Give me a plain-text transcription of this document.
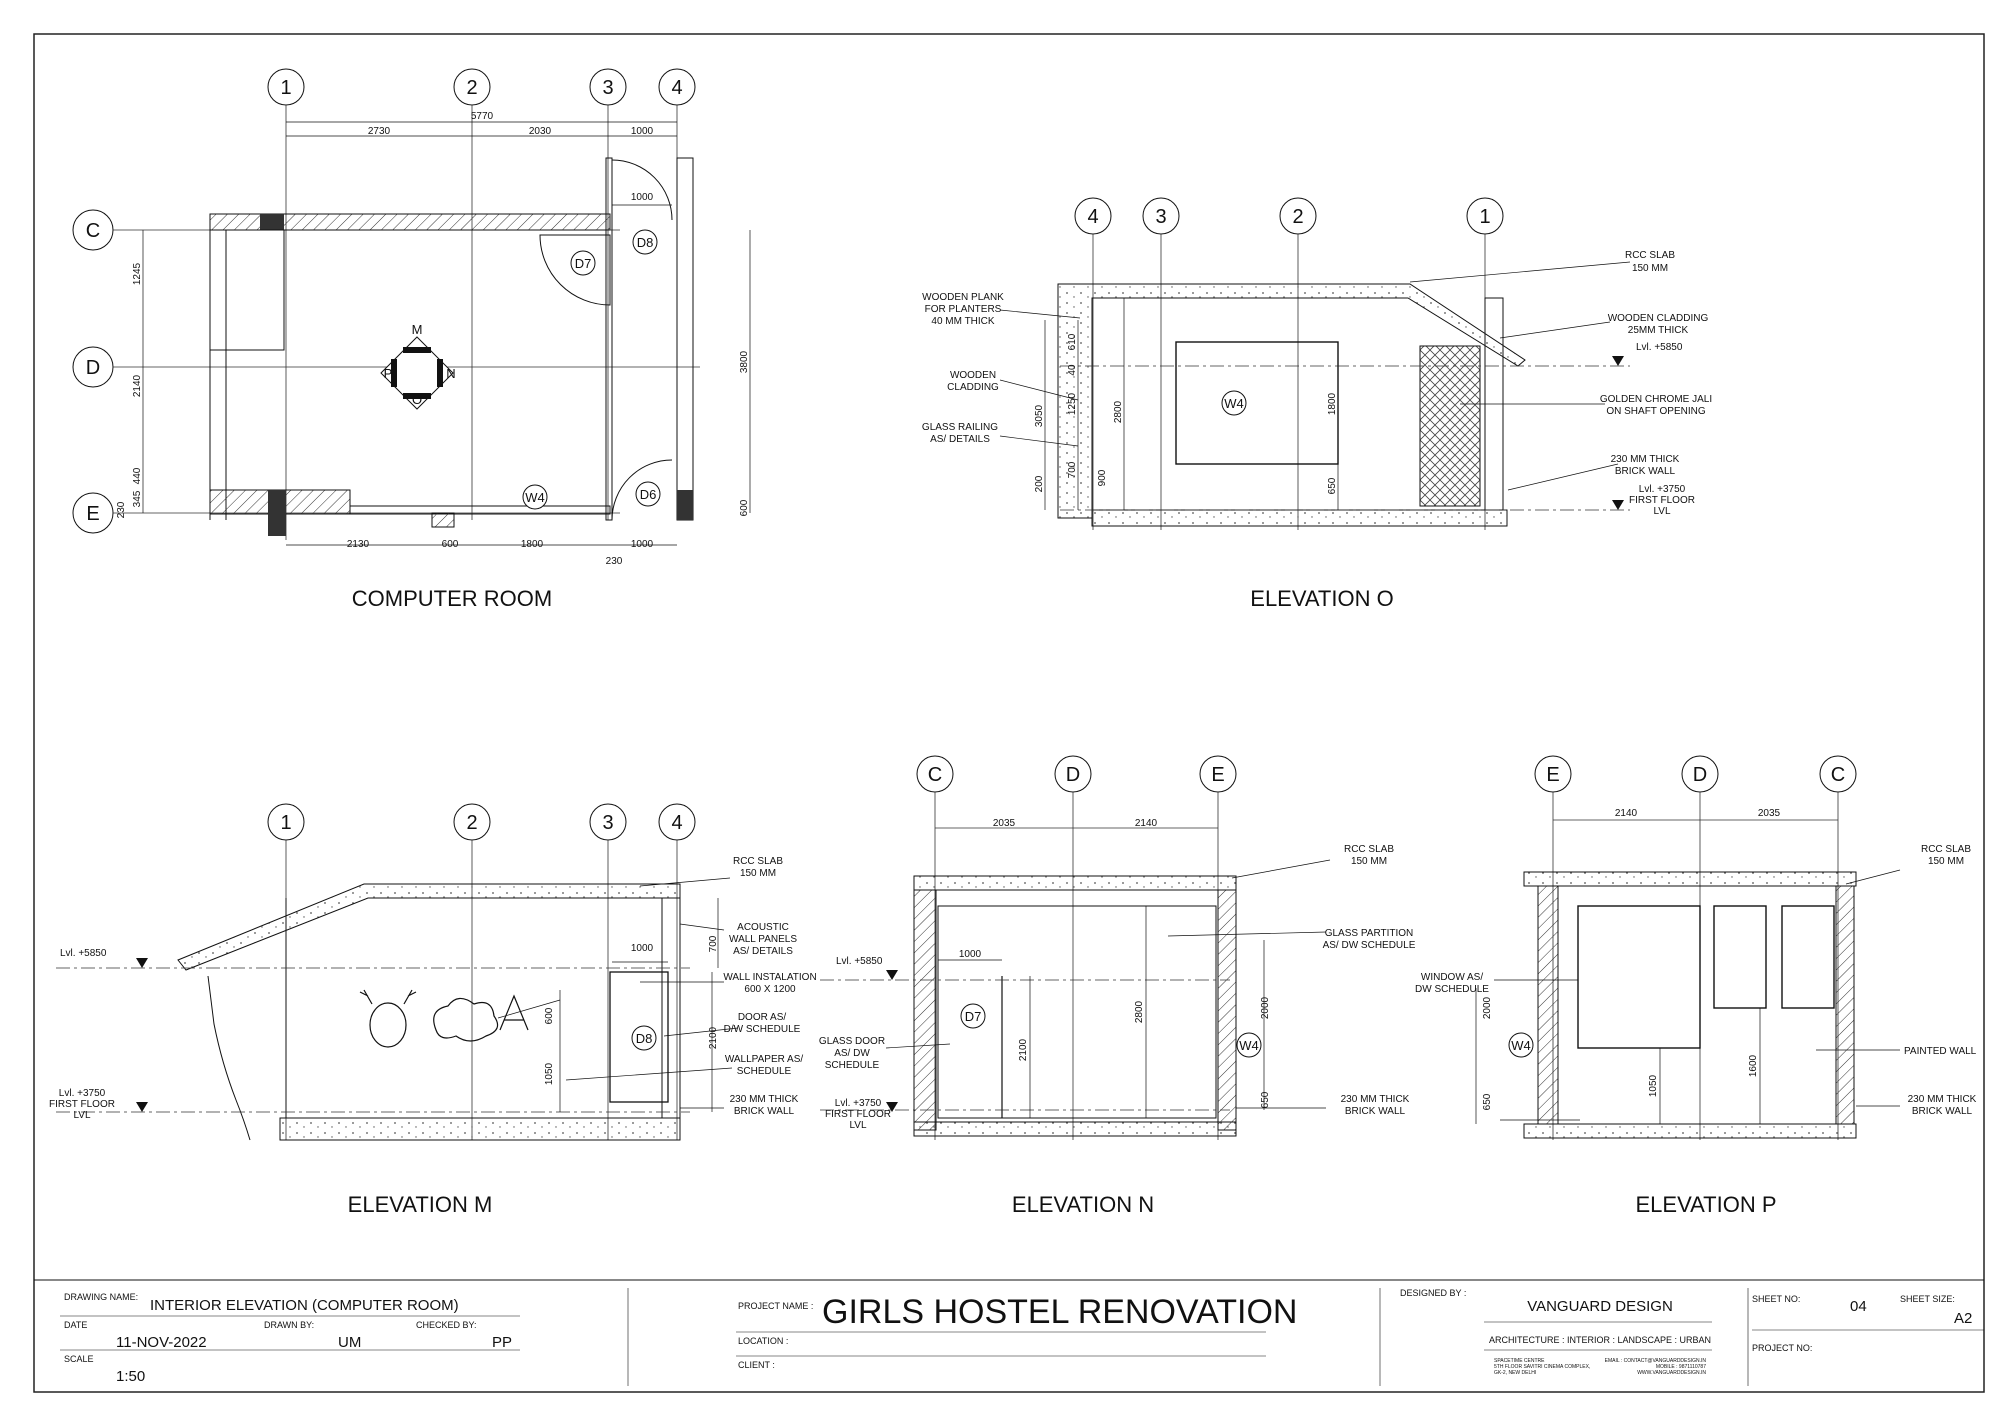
1	2	3	4
C
D
E
M
P	N
O
D7
D8
D6
W4
5770
2730	2030	1000
2130	600	1800	1000
230
1000
1245
2140
440
345
230
3800
600
COMPUTER ROOM
4	3	2	1
W4
610
40
1250
3050
700
200
2800
900
1800
650
RCC SLAB 150 MM
WOODEN PLANK FOR PLANTERS 40 MM THICK
WOODEN CLADDING
GLASS RAILING AS/ DETAILS
WOODEN CLADDING 25MM THICK
Lvl. +5850
GOLDEN CHROME JALI ON SHAFT OPENING
230 MM THICK BRICK WALL
Lvl. +3750 FIRST FLOOR LVL
ELEVATION O
1	2	3	4
D8
Lvl. +5850
Lvl. +3750 FIRST FLOOR LVL
1000	700
600
1050
2100
RCC SLAB 150 MM
ACOUSTIC WALL PANELS AS/ DETAILS
WALL INSTALATION 600 X 1200
DOOR AS/ D/W SCHEDULE
WALLPAPER AS/ SCHEDULE
230 MM THICK BRICK WALL
ELEVATION M
C	D	E
2035	2140
D7
W4
Lvl. +5850
Lvl. +3750 FIRST FLOOR LVL
1000
2100
2800	2000
650
RCC SLAB 150 MM
GLASS PARTITION AS/ DW SCHEDULE
GLASS DOOR AS/ DW SCHEDULE
230 MM THICK BRICK WALL
ELEVATION N
E	D	C
2140	2035
W4
2000
650
1050
1600
RCC SLAB 150 MM
WINDOW AS/ DW SCHEDULE
PAINTED WALL
230 MM THICK BRICK WALL
ELEVATION P
DRAWING NAME: INTERIOR ELEVATION (COMPUTER ROOM)
DATE	DRAWN BY:	CHECKED BY:
11-NOV-2022	UM	PP
SCALE
1:50
PROJECT NAME : GIRLS HOSTEL RENOVATION
LOCATION :
CLIENT :
DESIGNED BY :
VANGUARD DESIGN
ARCHITECTURE : INTERIOR : LANDSCAPE : URBAN
SPACETIME CENTRE 5TH FLOOR SAVITRI CINEMA COMPLEX, GK-2, NEW DELHI
EMAIL : CONTACT@VANGUARDDESIGN.IN MOBILE : 9871110787 WWW.VANGUARDDESIGN.IN
SHEET NO:	04	SHEET SIZE:
A2
PROJECT NO:
